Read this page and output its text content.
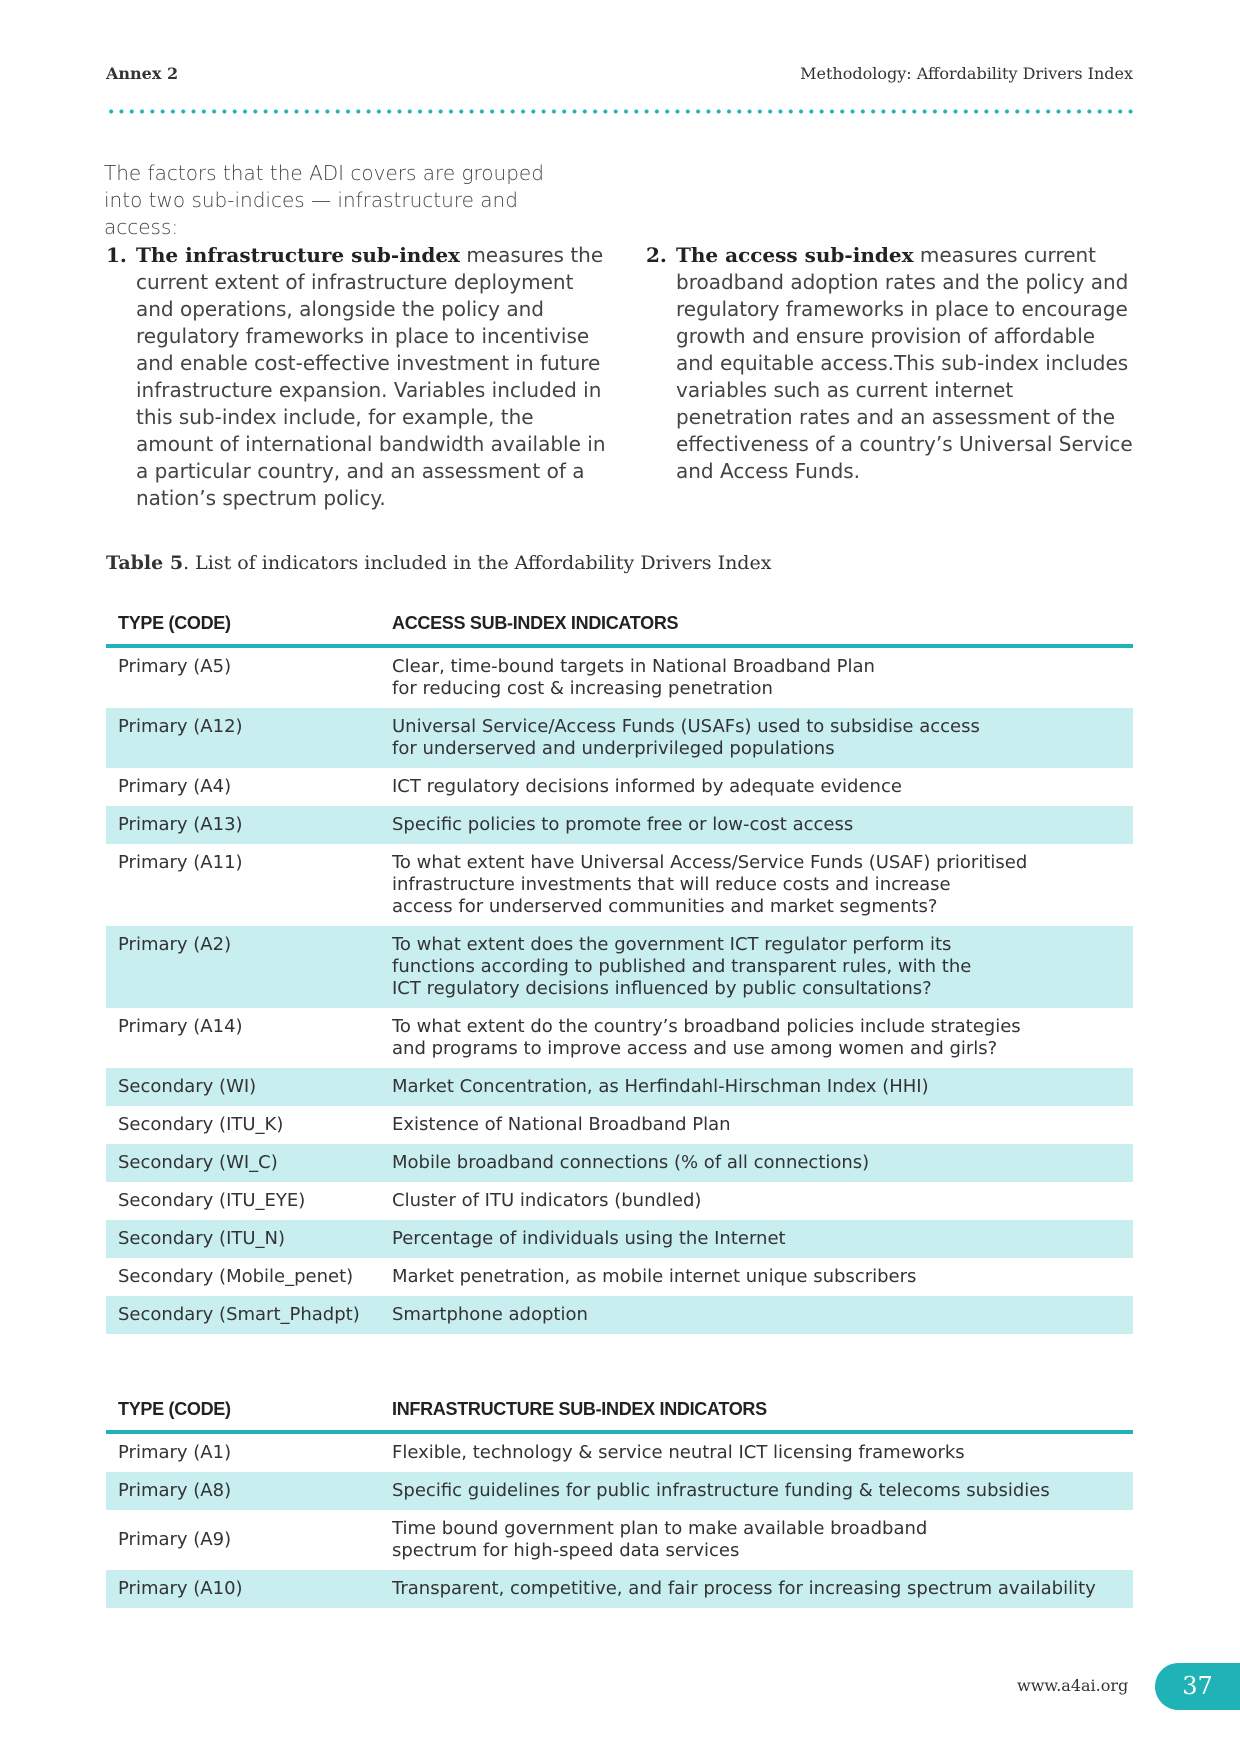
Annex 2	Methodology: Affordability Drivers Index
The factors that the ADI covers are grouped into two sub-indices — infrastructure and access:
1. The infrastructure sub-index measures the current extent of infrastructure deployment and operations, alongside the policy and regulatory frameworks in place to incentivise and enable cost-effective investment in future infrastructure expansion. Variables included in this sub-index include, for example, the amount of international bandwidth available in a particular country, and an assessment of a nation’s spectrum policy.
2. The access sub-index measures current broadband adoption rates and the policy and regulatory frameworks in place to encourage growth and ensure provision of affordable and equitable access.This sub-index includes variables such as current internet penetration rates and an assessment of the effectiveness of a country’s Universal Service and Access Funds.
Table 5. List of indicators included in the Affordability Drivers Index
TYPE (CODE)	ACCESS SUB-INDEX INDICATORS
Primary (A5)	Clear, time-bound targets in National Broadband Plan
for reducing cost & increasing penetration
Primary (A12)	Universal Service/Access Funds (USAFs) used to subsidise access
for underserved and underprivileged populations
Primary (A4)	ICT regulatory decisions informed by adequate evidence
Primary (A13)	Specific policies to promote free or low-cost access
Primary (A11)	To what extent have Universal Access/Service Funds (USAF) prioritised
infrastructure investments that will reduce costs and increase
access for underserved communities and market segments?
Primary (A2)	To what extent does the government ICT regulator perform its
functions according to published and transparent rules, with the
ICT regulatory decisions influenced by public consultations?
Primary (A14)	To what extent do the country’s broadband policies include strategies
and programs to improve access and use among women and girls?
Secondary (WI)	Market Concentration, as Herfindahl-Hirschman Index (HHI)
Secondary (ITU_K)	Existence of National Broadband Plan
Secondary (WI_C)	Mobile broadband connections (% of all connections)
Secondary (ITU_EYE)	Cluster of ITU indicators (bundled)
Secondary (ITU_N)	Percentage of individuals using the Internet
Secondary (Mobile_penet)	Market penetration, as mobile internet unique subscribers
Secondary (Smart_Phadpt)	Smartphone adoption
TYPE (CODE)	INFRASTRUCTURE SUB-INDEX INDICATORS
Primary (A1)	Flexible, technology & service neutral ICT licensing frameworks
Primary (A8)	Specific guidelines for public infrastructure funding & telecoms subsidies
Primary (A9)	Time bound government plan to make available broadband
spectrum for high-speed data services
Primary (A10)	Transparent, competitive, and fair process for increasing spectrum availability
www.a4ai.org	37
